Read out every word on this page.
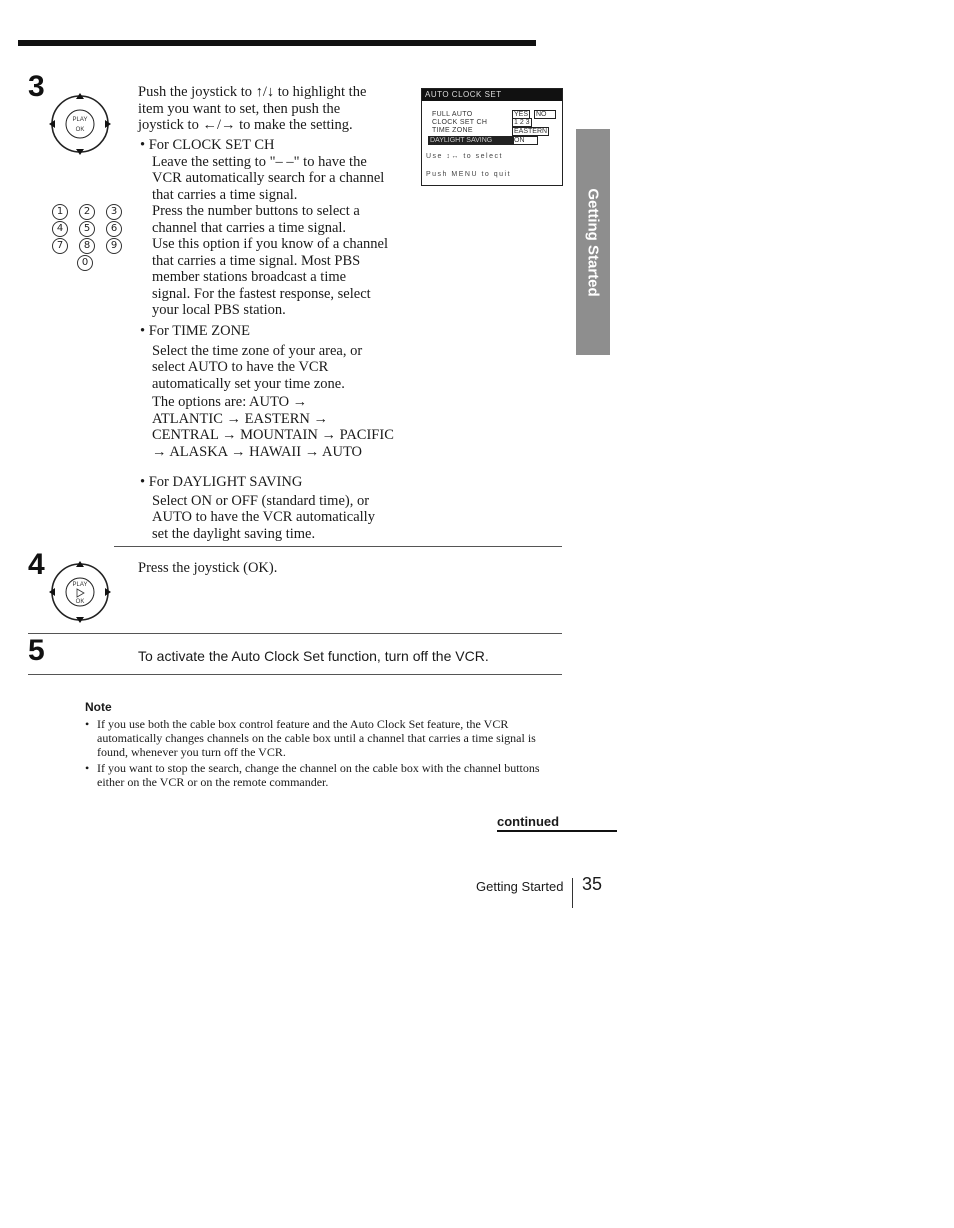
3
PLAY
OK

Push the joystick to ↑/↓ to highlight the

item you want to set, then push the

joystick to ←/→ to make the setting.

• For CLOCK SET CH

Leave the setting to "– –" to have the

VCR automatically search for a channel

that carries a time signal.

Press the number buttons to select a

channel that carries a time signal.

Use this option if you know of a channel

that carries a time signal. Most PBS

member stations broadcast a time

signal. For the fastest response, select

your local PBS station.

1 2 3
4 5 6
7 8 9
0

• For TIME ZONE

Select the time zone of your area, or

select AUTO to have the VCR

automatically set your time zone.

The options are: AUTO →

ATLANTIC → EASTERN →

CENTRAL → MOUNTAIN → PACIFIC

→ ALASKA → HAWAII → AUTO

• For DAYLIGHT SAVING

Select ON or OFF (standard time), or

AUTO to have the VCR automatically

set the daylight saving time.

AUTO CLOCK SET
FULL AUTO	YES NO
CLOCK SET CH	1 2 3
TIME ZONE	EASTERN
DAYLIGHT SAVING	ON
Use ↕↔ to select
Push MENU to quit
Getting Started
4
PLAY
OK
Press the joystick (OK).
5	To activate the Auto Clock Set function, turn off the VCR.
Note

• If you use both the cable box control feature and the Auto Clock Set feature, the VCR automatically changes channels on the cable box until a channel that carries a time signal is found, whenever you turn off the VCR.

• If you want to stop the search, change the channel on the cable box with the channel buttons either on the VCR or on the remote commander.

continued
Getting Started 35
